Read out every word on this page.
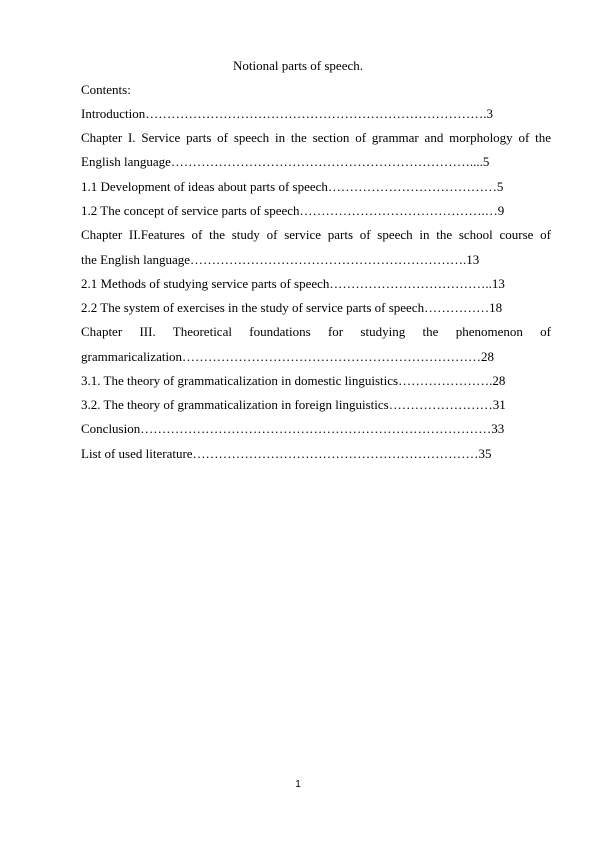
Notional parts of speech.
Contents:
Introduction…………………………………………………………………….3
Chapter I. Service parts of speech in the section of grammar and morphology of the
English language……………………………………………………………....5
1.1 Development of ideas about parts of speech…………………………………5
1.2 The concept of service parts of speech…………………………………….…9
Chapter II.Features of the study of service parts of speech in the school course of
the English language……………………………………………………….13
2.1 Methods of studying service parts of speech………………………………..13
2.2 The system of exercises in the study of service parts of speech……………18
Chapter III. Theoretical foundations for studying the phenomenon of
grammaricalization……………………………………………………………28
3.1. The theory of grammaticalization in domestic linguistics………………….28
3.2. The theory of grammaticalization in foreign linguistics……………………31
Conclusion………………………………………………………………………33
List of used literature…………………………………………………………35
1
